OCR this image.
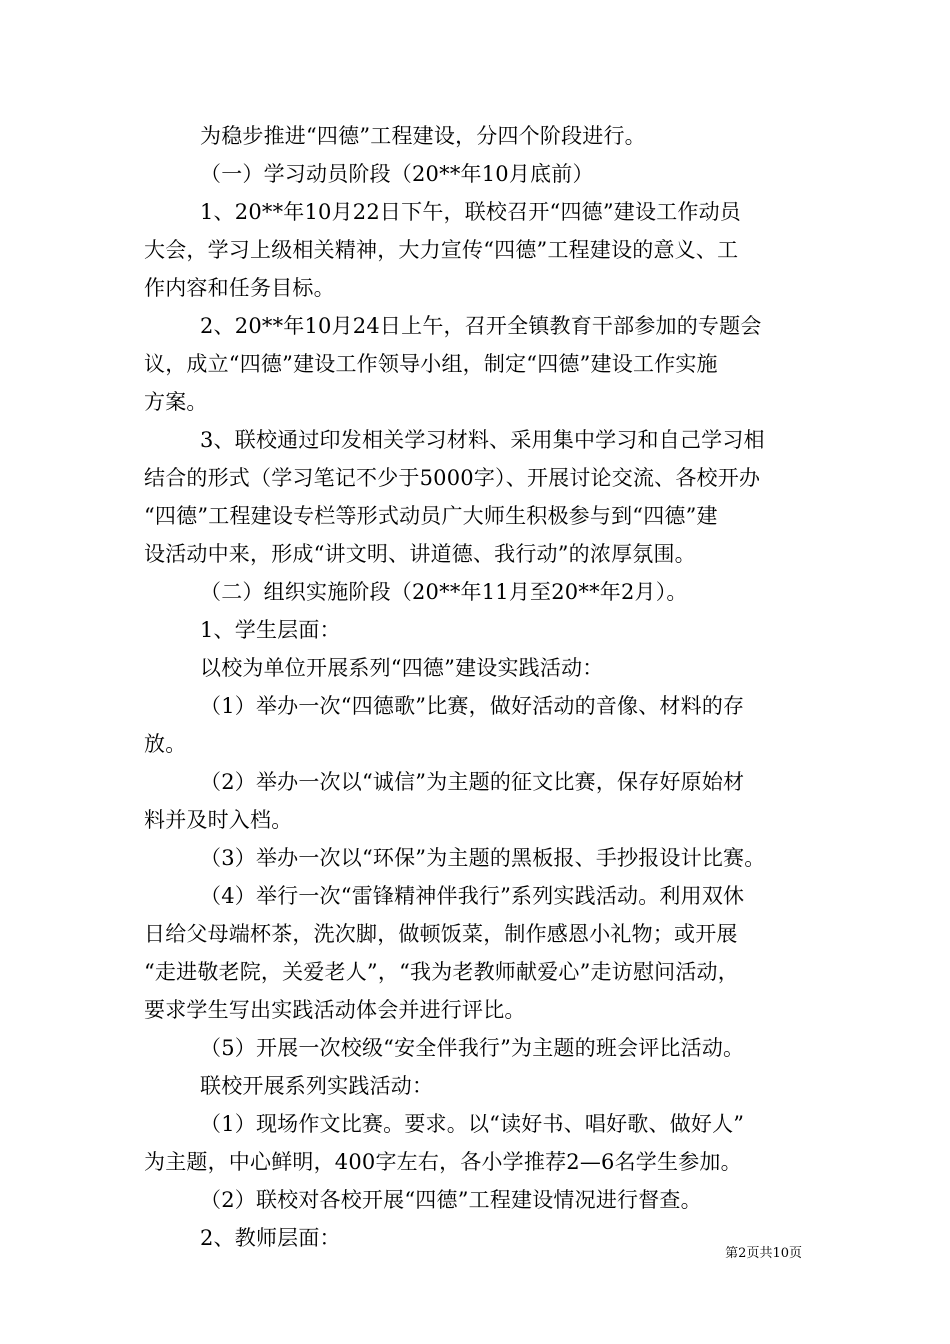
为稳步推进“四德”工程建设，分四个阶段进行。
（一）学习动员阶段（20**年10月底前）
1、20**年10月22日下午，联校召开“四德”建设工作动员
大会，学习上级相关精神，大力宣传“四德”工程建设的意义、工
作内容和任务目标。
2、20**年10月24日上午，召开全镇教育干部参加的专题会
议，成立“四德”建设工作领导小组，制定“四德”建设工作实施
方案。
3、联校通过印发相关学习材料、采用集中学习和自己学习相
结合的形式（学习笔记不少于5000字）、开展讨论交流、各校开办
“四德”工程建设专栏等形式动员广大师生积极参与到“四德”建
设活动中来，形成“讲文明、讲道德、我行动”的浓厚氛围。
（二）组织实施阶段（20**年11月至20**年2月）。
1、学生层面：
以校为单位开展系列“四德”建设实践活动：
（1）举办一次“四德歌”比赛，做好活动的音像、材料的存
放。
（2）举办一次以“诚信”为主题的征文比赛，保存好原始材
料并及时入档。
（3）举办一次以“环保”为主题的黑板报、手抄报设计比赛。
（4）举行一次“雷锋精神伴我行”系列实践活动。利用双休
日给父母端杯茶，洗次脚，做顿饭菜，制作感恩小礼物；或开展
“走进敬老院，关爱老人”，“我为老教师献爱心”走访慰问活动，
要求学生写出实践活动体会并进行评比。
（5）开展一次校级“安全伴我行”为主题的班会评比活动。
联校开展系列实践活动：
（1）现场作文比赛。要求。以“读好书、唱好歌、做好人”
为主题，中心鲜明，400字左右，各小学推荐2—6名学生参加。
（2）联校对各校开展“四德”工程建设情况进行督查。
2、教师层面：
第2页共10页
